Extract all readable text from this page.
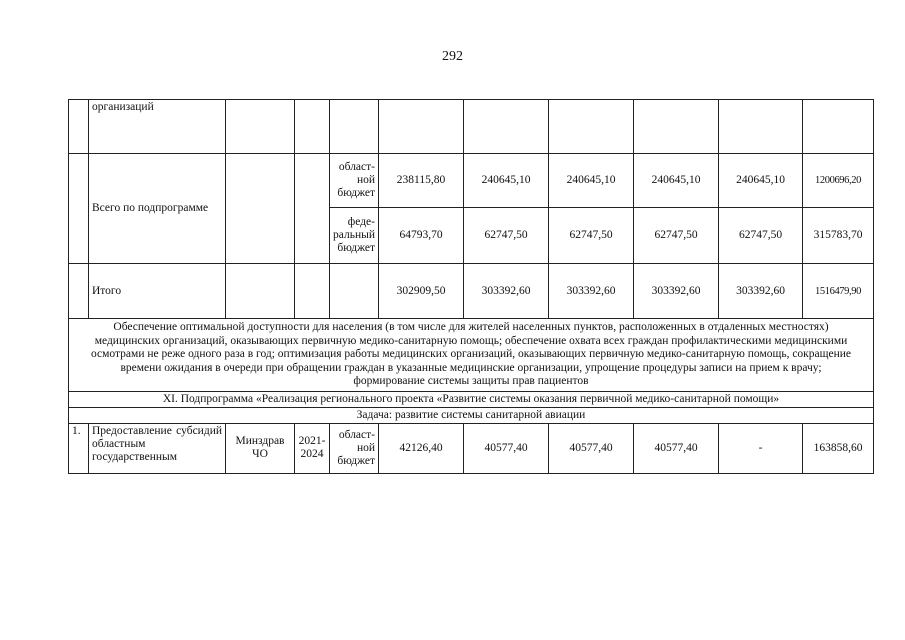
292
	организаций									
	Всего по подпрограмме			област-
ной
бюджет	238115,80	240645,10	240645,10	240645,10	240645,10	1200696,20
				феде-
ральный
бюджет	64793,70	62747,50	62747,50	62747,50	62747,50	315783,70
	Итого				302909,50	303392,60	303392,60	303392,60	303392,60	1516479,90
Обеспечение оптимальной доступности для населения (в том числе для жителей населенных пунктов, расположенных в отдаленных местностях) медицинских организаций, оказывающих первичную медико-санитарную помощь; обеспечение охвата всех граждан профилактическими медицинскими осмотрами не реже одного раза в год; оптимизация работы медицинских организаций, оказывающих первичную медико-санитарную помощь, сокращение времени ожидания в очереди при обращении граждан в указанные медицинские организации, упрощение процедуры записи на прием к врачу; формирование системы защиты прав пациентов										
XI. Подпрограмма «Реализация регионального проекта «Развитие системы оказания первичной медико-санитарной помощи»										
Задача: развитие системы санитарной авиации										
1.	Предоставление субсидий областным государственным	Минздрав ЧО	2021-
2024	област-
ной
бюджет	42126,40	40577,40	40577,40	40577,40	-	163858,60
